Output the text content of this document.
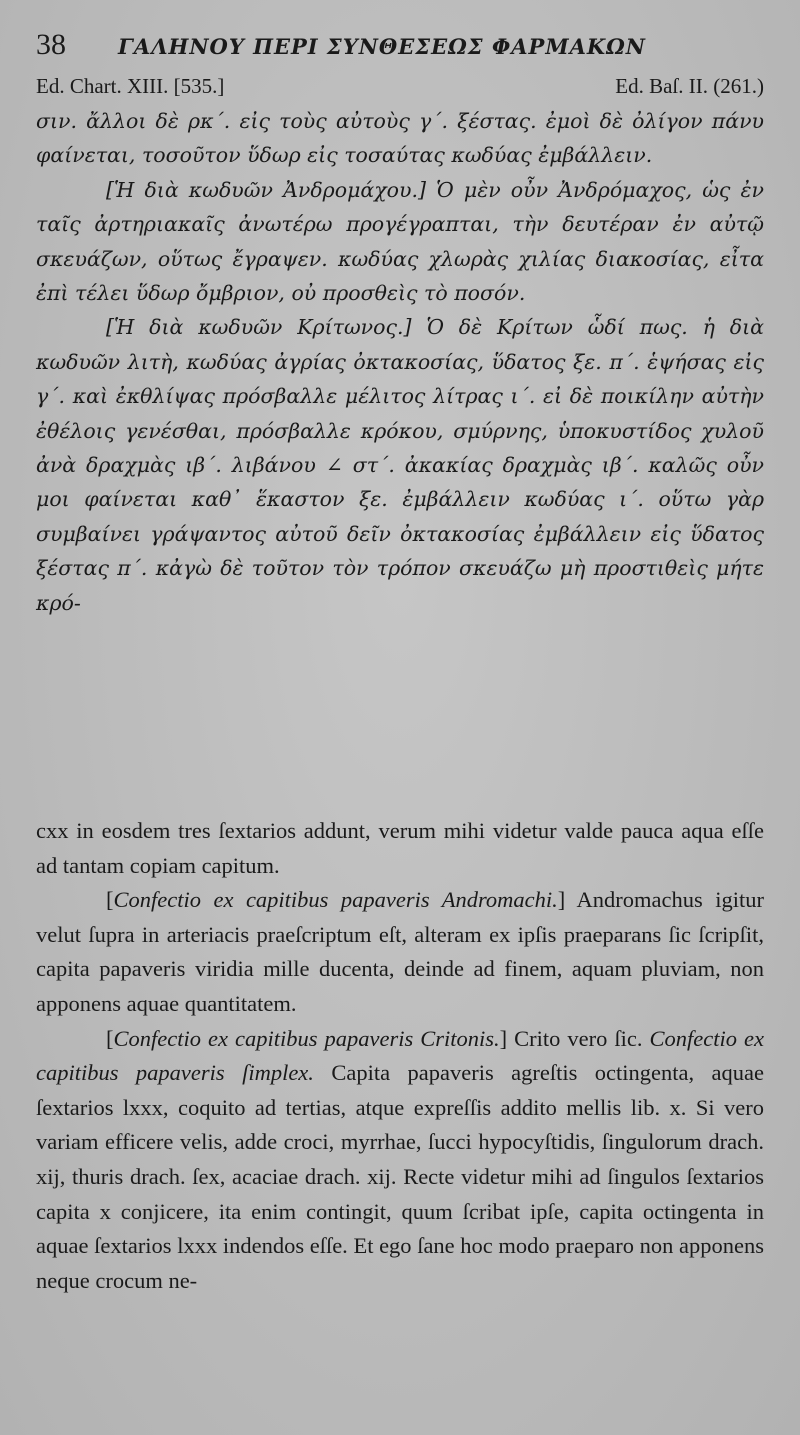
38	ΓΑΛΗΝΟΥ ΠΕΡΙ ΣΥΝΘΕΣΕΩΣ ΦΑΡΜΑΚΩΝ
Ed. Chart. XIII. [535.]	Ed. Baſ. II. (261.)

σιν. ἄλλοι δὲ ρκ΄. εἰς τοὺς αὐτοὺς γ΄. ξέστας. ἐμοὶ δὲ ὀλίγον πάνυ φαίνεται, τοσοῦτον ὕδωρ εἰς τοσαύτας κωδύας ἐμβάλλειν.

[Ἡ διὰ κωδυῶν Ἀνδρομάχου.] Ὁ μὲν οὖν Ἀνδρόμαχος, ὡς ἐν ταῖς ἀρτηριακαῖς ἀνωτέρω προγέγραπται, τὴν δευτέραν ἐν αὐτῷ σκευάζων, οὕτως ἔγραψεν. κωδύας χλωρὰς χιλίας διακοσίας, εἶτα ἐπὶ τέλει ὕδωρ ὄμβριον, οὐ προσθεὶς τὸ ποσόν.

[Ἡ διὰ κωδυῶν Κρίτωνος.] Ὁ δὲ Κρίτων ὧδί πως. ἡ διὰ κωδυῶν λιτὴ, κωδύας ἀγρίας ὀκτακοσίας, ὕδατος ξε. π΄. ἑψήσας εἰς γ΄. καὶ ἐκθλίψας πρόσβαλλε μέλιτος λίτρας ι΄. εἰ δὲ ποικίλην αὐτὴν ἐθέλοις γενέσθαι, πρόσβαλλε κρόκου, σμύρνης, ὑποκυστίδος χυλοῦ ἀνὰ δραχμὰς ιβ΄. λιβάνου ∠ στ΄. ἀκακίας δραχμὰς ιβ΄. καλῶς οὖν μοι φαίνεται καθ᾽ ἕκαστον ξε. ἐμβάλλειν κωδύας ι΄. οὕτω γὰρ συμβαίνει γράψαντος αὐτοῦ δεῖν ὀκτακοσίας ἐμβάλλειν εἰς ὕδατος ξέστας π΄. κἀγὼ δὲ τοῦτον τὸν τρόπον σκευάζω μὴ προστιθεὶς μήτε κρό-

cxx in eosdem tres ſextarios addunt, verum mihi videtur valde pauca aqua eſſe ad tantam copiam capitum.

[Confectio ex capitibus papaveris Andromachi.] Andromachus igitur velut ſupra in arteriacis praeſcriptum eſt, alteram ex ipſis praeparans ſic ſcripſit, capita papaveris viridia mille ducenta, deinde ad finem, aquam pluviam, non apponens aquae quantitatem.

[Confectio ex capitibus papaveris Critonis.] Crito vero ſic. Confectio ex capitibus papaveris ſimplex. Capita papaveris agreſtis octingenta, aquae ſextarios lxxx, coquito ad tertias, atque expreſſis addito mellis lib. x. Si vero variam efficere velis, adde croci, myrrhae, ſucci hypocyſtidis, ſingulorum drach. xij, thuris drach. ſex, acaciae drach. xij. Recte videtur mihi ad ſingulos ſextarios capita x conjicere, ita enim contingit, quum ſcribat ipſe, capita octingenta in aquae ſextarios lxxx indendos eſſe. Et ego ſane hoc modo praeparo non apponens neque crocum ne-
